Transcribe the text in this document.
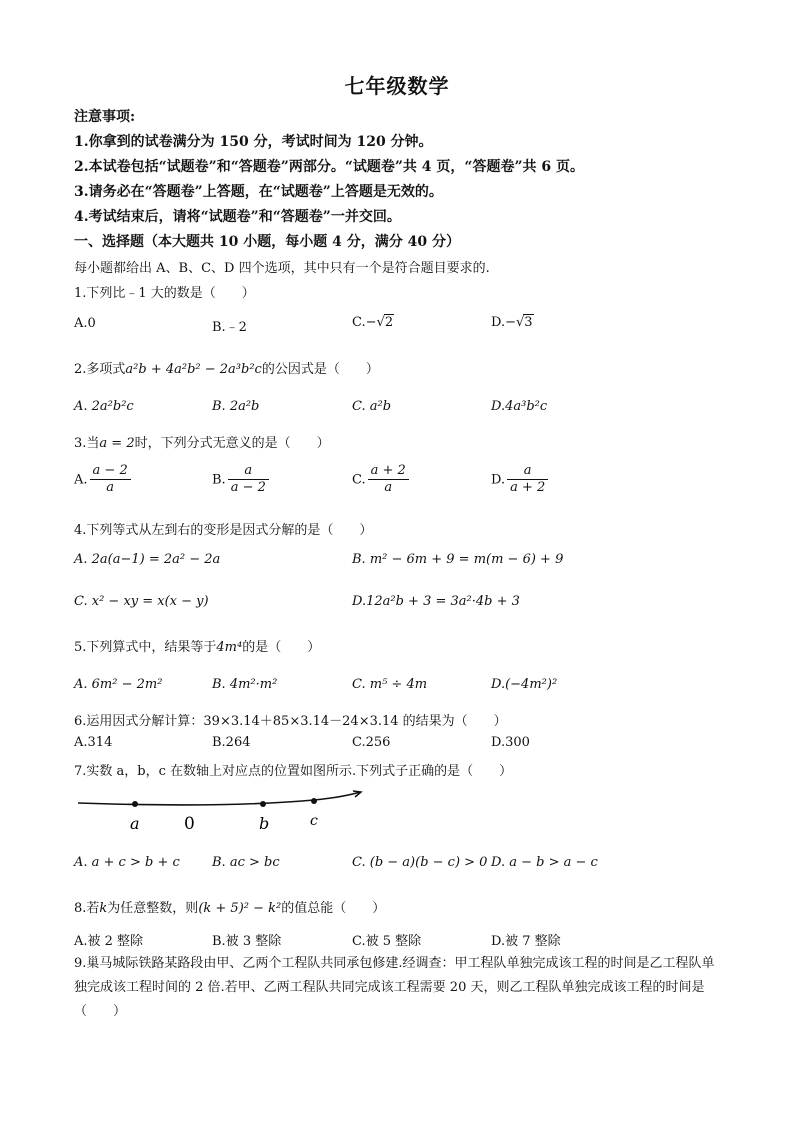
七年级数学
注意事项:
1.你拿到的试卷满分为 150 分，考试时间为 120 分钟。
2.本试卷包括“试题卷”和“答题卷”两部分。“试题卷”共 4 页，“答题卷”共 6 页。
3.请务必在“答题卷”上答题，在“试题卷”上答题是无效的。
4.考试结束后，请将“试题卷”和“答题卷”一并交回。
一、选择题（本大题共 10 小题，每小题 4 分，满分 40 分）
每小题都给出 A、B、C、D 四个选项，其中只有一个是符合题目要求的.
1.下列比﹣1 大的数是（　　）
A.0	B.﹣2	C.−√2	D.−√3
2.多项式a²b + 4a²b² − 2a³b²c的公因式是（　　）
A. 2a²b²c	B. 2a²b	C. a²b	D.4a³b²c
3.当a = 2时，下列分式无意义的是（　　）
A. $\frac{a - 2}{a}$	B. $\frac{a}{a - 2}$	C. $\frac{a + 2}{a}$	D. $\frac{a}{a + 2}$
4.下列等式从左到右的变形是因式分解的是（　　）
A. 2a(a−1) = 2a² − 2a	B. m² − 6m + 9 = m(m − 6) + 9
C. x² − xy = x(x − y)	D.12a²b + 3 = 3a²·4b + 3
5.下列算式中，结果等于4m⁴的是（　　）
A. 6m² − 2m²	B. 4m²·m²	C. m⁵ ÷ 4m	D.(−4m²)²
6.运用因式分解计算：39×3.14＋85×3.14－24×3.14 的结果为（　　）
A.314	B.264	C.256	D.300
7.实数 a，b，c 在数轴上对应点的位置如图所示.下列式子正确的是（　　）
a	0	b	c
A. a + c > b + c B. ac > bc	C. (b − a)(b − c) > 0 D. a − b > a − c
8.若k为任意整数，则(k + 5)² − k²的值总能（　　）
A.被 2 整除	B.被 3 整除	C.被 5 整除	D.被 7 整除
9.巢马城际铁路某路段由甲、乙两个工程队共同承包修建.经调查：甲工程队单独完成该工程的时间是乙工程队单独完成该工程时间的 2 倍.若甲、乙两工程队共同完成该工程需要 20 天，则乙工程队单独完成该工程的时间是（　　）
